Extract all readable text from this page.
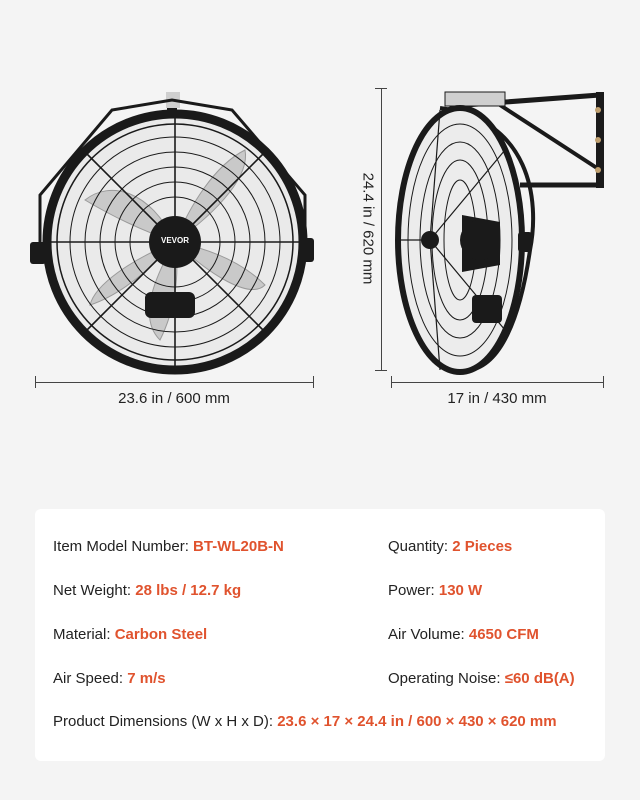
VEVOR	24.4 in / 620 mm
23.6 in / 600 mm	17 in / 430 mm
Item Model Number: BT-WL20B-N	Quantity: 2 Pieces
Net Weight: 28 lbs / 12.7 kg	Power: 130 W
Material: Carbon Steel	Air Volume: 4650 CFM
Air Speed: 7 m/s	Operating Noise: ≤60 dB(A)
Product Dimensions (W x H x D): 23.6 × 17 × 24.4 in / 600 × 430 × 620 mm
